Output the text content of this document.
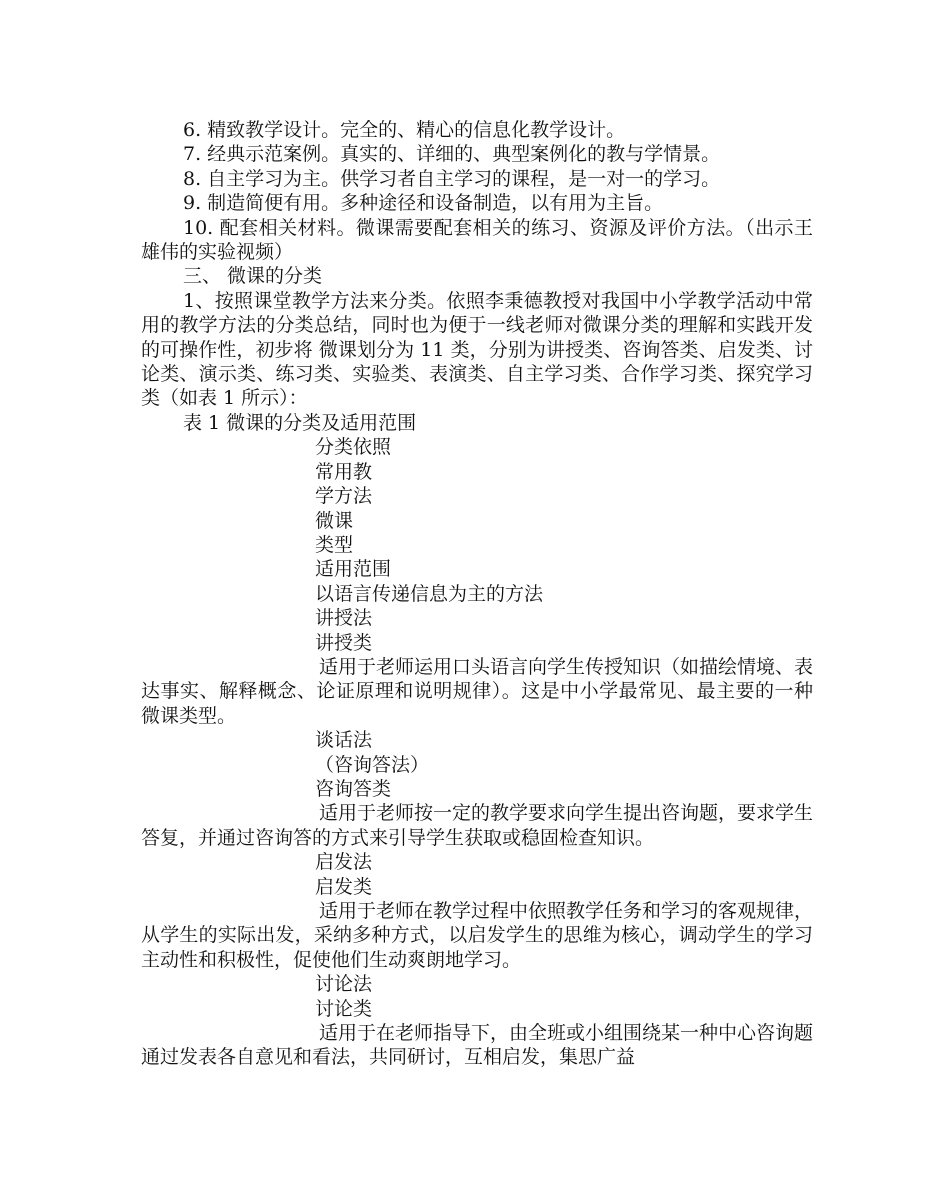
6. 精致教学设计。完全的、精心的信息化教学设计。

7. 经典示范案例。真实的、详细的、典型案例化的教与学情景。

8. 自主学习为主。供学习者自主学习的课程，是一对一的学习。

9. 制造简便有用。多种途径和设备制造，以有用为主旨。

10. 配套相关材料。微课需要配套相关的练习、资源及评价方法。（出示王雄伟的实验视频）

三、 微课的分类

1、按照课堂教学方法来分类。依照李秉德教授对我国中小学教学活动中常用的教学方法的分类总结，同时也为便于一线老师对微课分类的理解和实践开发的可操作性，初步将 微课划分为 11 类，分别为讲授类、咨询答类、启发类、讨论类、演示类、练习类、实验类、表演类、自主学习类、合作学习类、探究学习类（如表 1 所示）：

表 1 微课的分类及适用范围

分类依照

常用教

学方法

微课

类型

适用范围

以语言传递信息为主的方法

讲授法

讲授类

适用于老师运用口头语言向学生传授知识（如描绘情境、表达事实、解释概念、论证原理和说明规律）。这是中小学最常见、最主要的一种微课类型。

谈话法

（咨询答法）

咨询答类

适用于老师按一定的教学要求向学生提出咨询题，要求学生答复，并通过咨询答的方式来引导学生获取或稳固检查知识。

启发法

启发类

适用于老师在教学过程中依照教学任务和学习的客观规律，从学生的实际出发，采纳多种方式，以启发学生的思维为核心，调动学生的学习主动性和积极性，促使他们生动爽朗地学习。

讨论法

讨论类

适用于在老师指导下，由全班或小组围绕某一种中心咨询题通过发表各自意见和看法，共同研讨，互相启发，集思广益
